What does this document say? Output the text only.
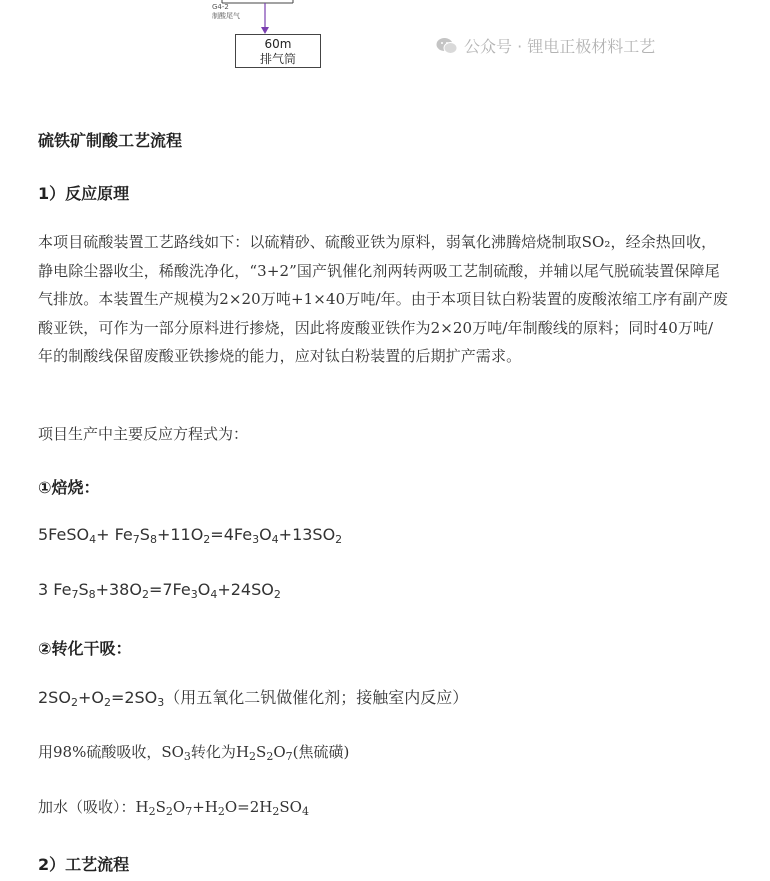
G4-2
制酸尾气
60m
排气筒
公众号 · 锂电正极材料工艺
硫铁矿制酸工艺流程
1）反应原理

本项目硫酸装置工艺路线如下：以硫精砂、硫酸亚铁为原料，弱氧化沸腾焙烧制取SO₂，经余热回收，静电除尘器收尘，稀酸洗净化，“3+2”国产钒催化剂两转两吸工艺制硫酸，并辅以尾气脱硫装置保障尾气排放。本装置生产规模为2×20万吨+1×40万吨/年。由于本项目钛白粉装置的废酸浓缩工序有副产废酸亚铁，可作为一部分原料进行掺烧，因此将废酸亚铁作为2×20万吨/年制酸线的原料；同时40万吨/年的制酸线保留废酸亚铁掺烧的能力，应对钛白粉装置的后期扩产需求。

项目生产中主要反应方程式为：

①焙烧：

5FeSO$_4$+ $Fe_7S_8+11O_2=4Fe_3O_4+13SO_2$

3 $Fe_7S_8+38O_2=7Fe_3O_4+24SO_2$

②转化干吸：

$2SO_2+O_2=2SO_3$（用五氧化二钒做催化剂；接触室内反应）

用98%硫酸吸收，$SO_3$转化为$H_2S_2O_7$(焦硫磺)

加水（吸收）：$H_2S_2O_7+H_2O=2H_2SO_4$

2）工艺流程
